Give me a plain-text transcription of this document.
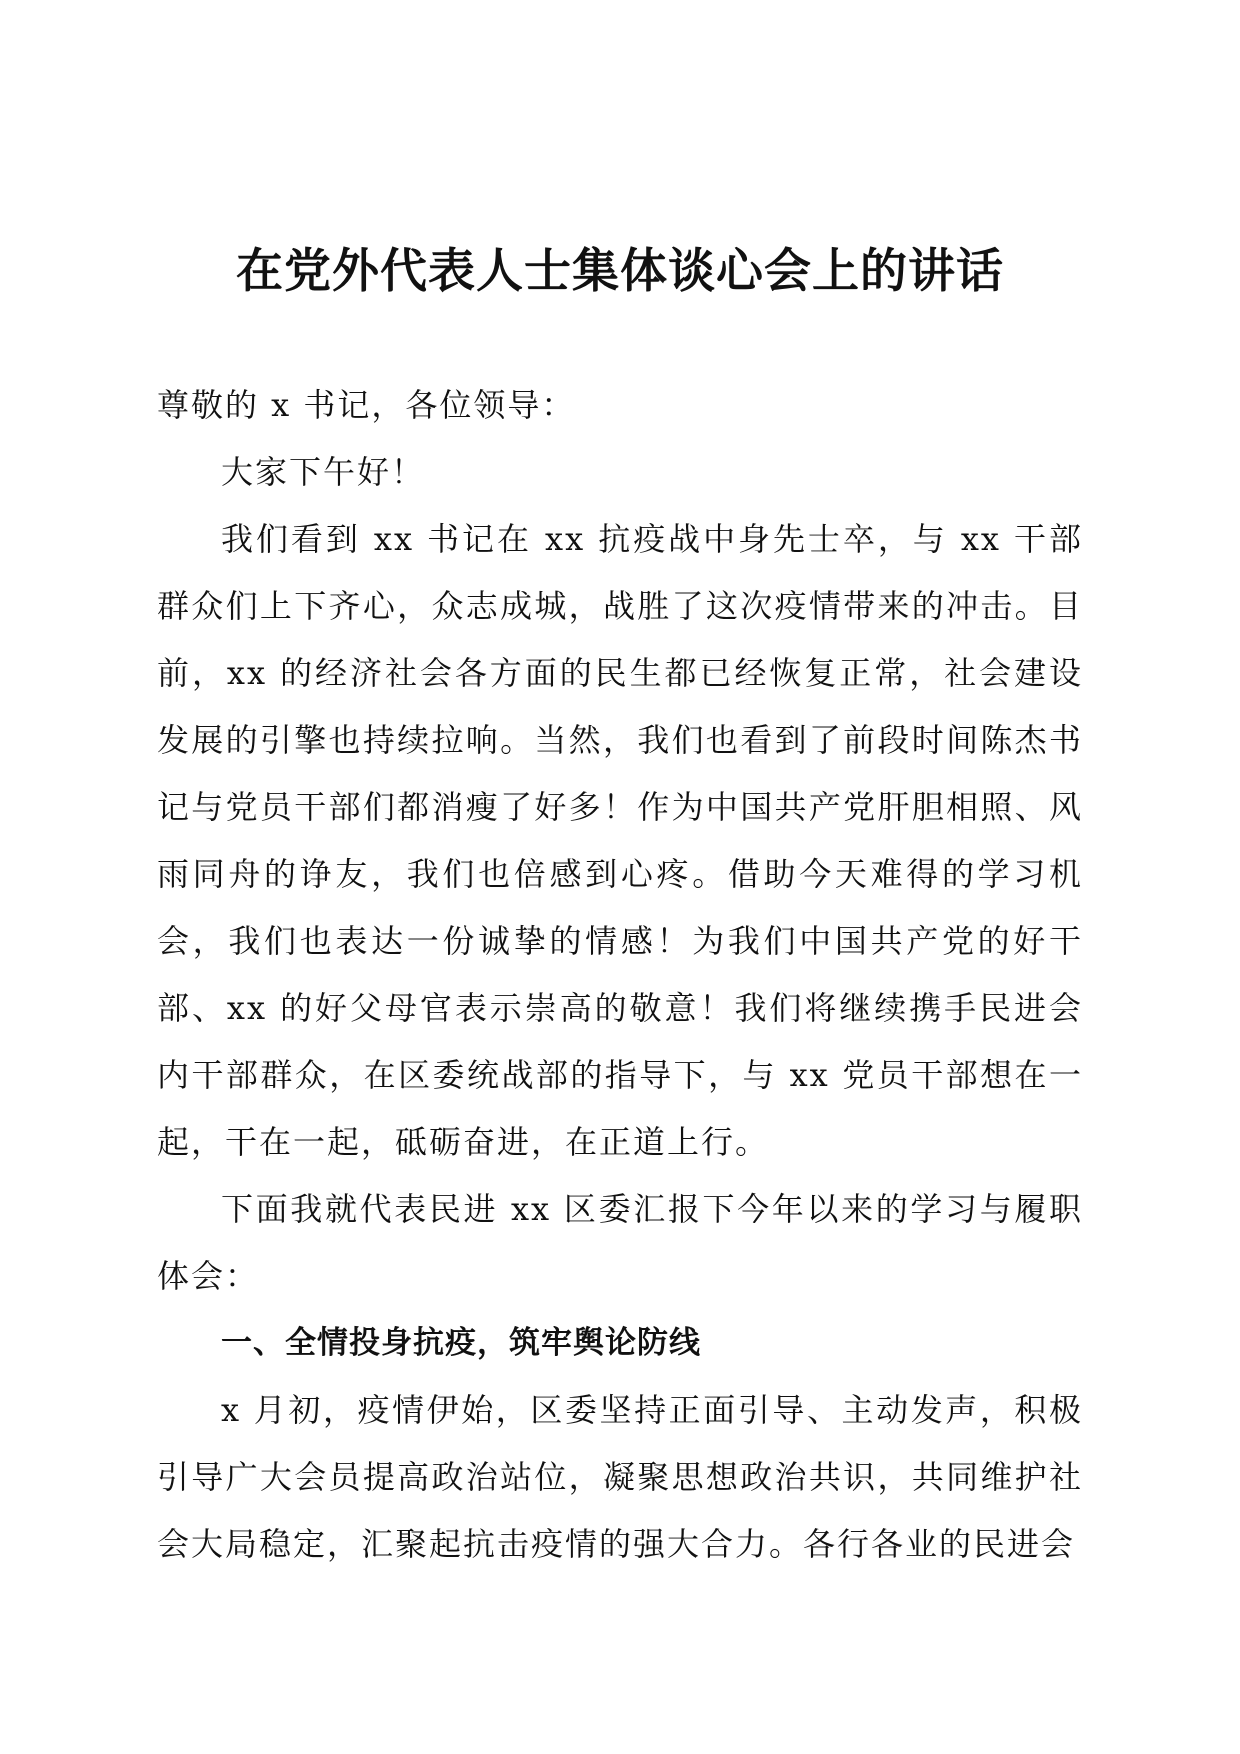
在党外代表人士集体谈心会上的讲话

尊敬的 x 书记，各位领导：

大家下午好！

我们看到 xx 书记在 xx 抗疫战中身先士卒，与 xx 干部群众们上下齐心，众志成城，战胜了这次疫情带来的冲击。目前，xx 的经济社会各方面的民生都已经恢复正常，社会建设发展的引擎也持续拉响。当然，我们也看到了前段时间陈杰书记与党员干部们都消瘦了好多！作为中国共产党肝胆相照、风雨同舟的诤友，我们也倍感到心疼。借助今天难得的学习机会，我们也表达一份诚挚的情感！为我们中国共产党的好干部、xx 的好父母官表示崇高的敬意！我们将继续携手民进会内干部群众，在区委统战部的指导下，与 xx 党员干部想在一起，干在一起，砥砺奋进，在正道上行。

下面我就代表民进 xx 区委汇报下今年以来的学习与履职体会：

一、全情投身抗疫，筑牢舆论防线

x 月初，疫情伊始，区委坚持正面引导、主动发声，积极引导广大会员提高政治站位，凝聚思想政治共识，共同维护社会大局稳定，汇聚起抗击疫情的强大合力。各行各业的民进会
